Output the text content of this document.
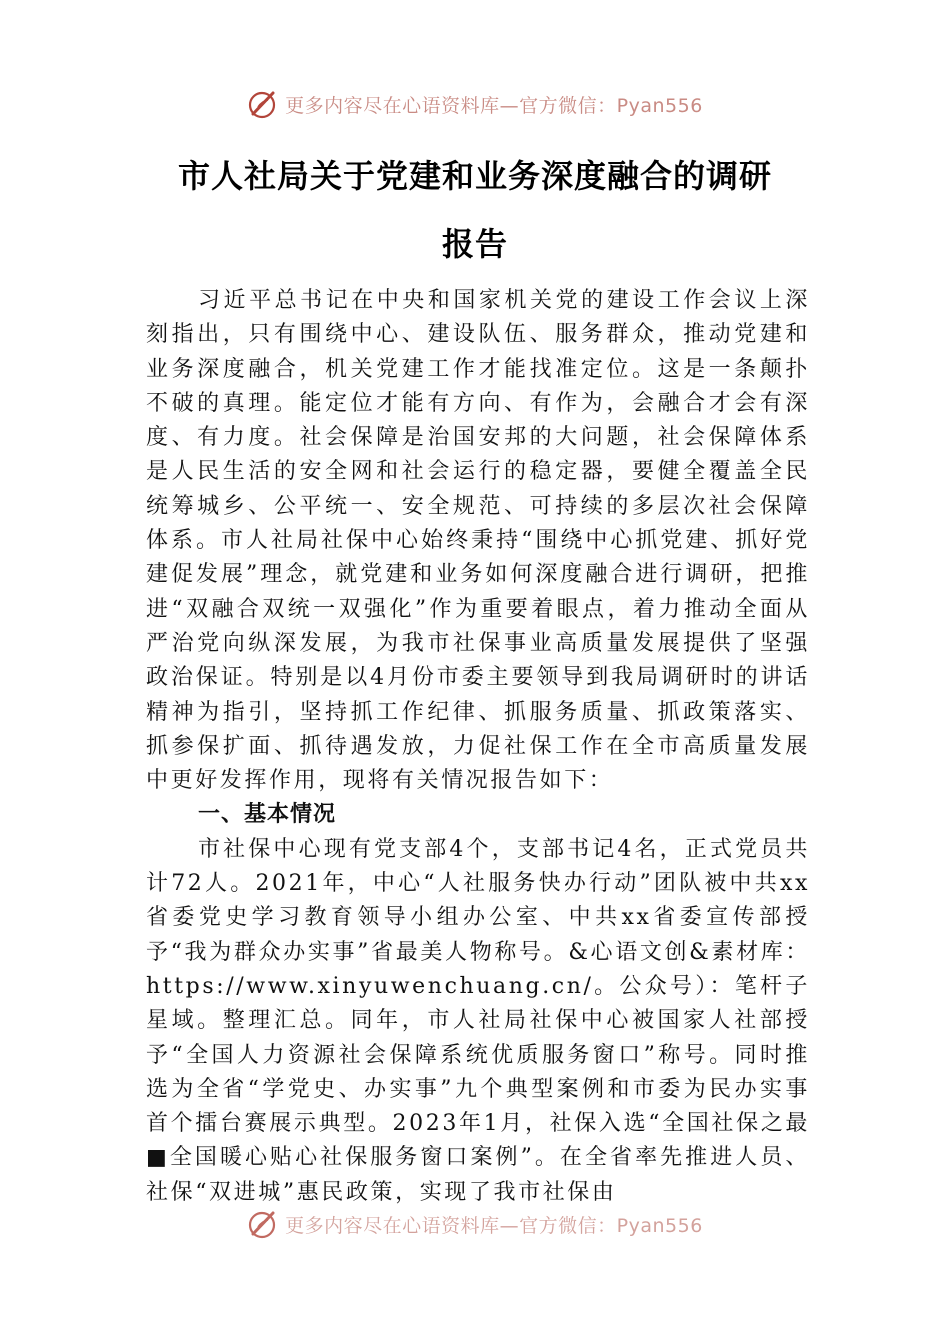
更多内容尽在心语资料库—官方微信：Pyan556
市人社局关于党建和业务深度融合的调研
报告

习近平总书记在中央和国家机关党的建设工作会议上深刻指出，只有围绕中心、建设队伍、服务群众，推动党建和业务深度融合，机关党建工作才能找准定位。这是一条颠扑不破的真理。能定位才能有方向、有作为，会融合才会有深度、有力度。社会保障是治国安邦的大问题，社会保障体系是人民生活的安全网和社会运行的稳定器，要健全覆盖全民统筹城乡、公平统一、安全规范、可持续的多层次社会保障体系。市人社局社保中心始终秉持“围绕中心抓党建、抓好党建促发展”理念，就党建和业务如何深度融合进行调研，把推进“双融合双统一双强化”作为重要着眼点，着力推动全面从严治党向纵深发展，为我市社保事业高质量发展提供了坚强政治保证。特别是以4月份市委主要领导到我局调研时的讲话精神为指引，坚持抓工作纪律、抓服务质量、抓政策落实、抓参保扩面、抓待遇发放，力促社保工作在全市高质量发展中更好发挥作用，现将有关情况报告如下：

一、基本情况

市社保中心现有党支部4个，支部书记4名，正式党员共计72人。2021年，中心“人社服务快办行动”团队被中共xx省委党史学习教育领导小组办公室、中共xx省委宣传部授予“我为群众办实事”省最美人物称号。&心语文创&素材库：https://www.xinyuwenchuang.cn/。公众号）：笔杆子星域。整理汇总。同年，市人社局社保中心被国家人社部授予“全国人力资源社会保障系统优质服务窗口”称号。同时推选为全省“学党史、办实事”九个典型案例和市委为民办实事首个擂台赛展示典型。2023年1月，社保入选“全国社保之最■全国暖心贴心社保服务窗口案例”。在全省率先推进人员、社保“双进城”惠民政策，实现了我市社保由

更多内容尽在心语资料库—官方微信：Pyan556
